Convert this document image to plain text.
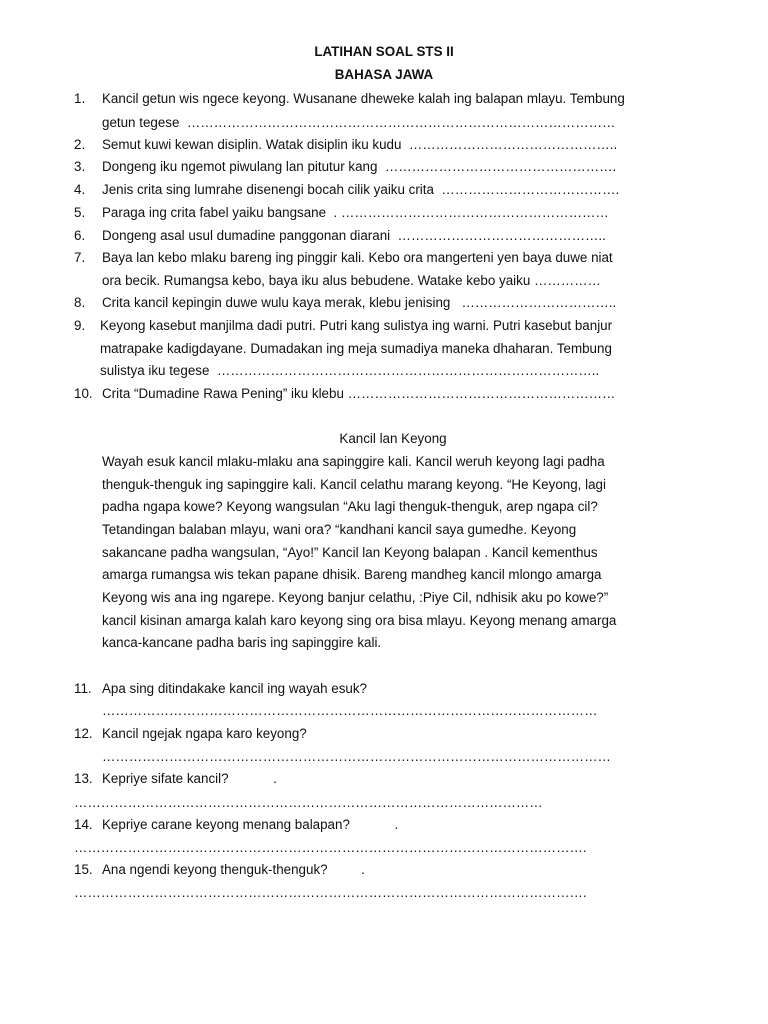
LATIHAN SOAL STS II
BAHASA JAWA
1. Kancil getun wis ngece keyong. Wusanane dheweke kalah ing balapan mlayu. Tembung
getun tegese  ……………………………………………………………………………………
2. Semut kuwi kewan disiplin. Watak disiplin iku kudu  ………………………………………..
3. Dongeng iku ngemot piwulang lan pitutur kang  …………………………………………….
4. Jenis crita sing lumrahe disenengi bocah cilik yaiku crita  ………………………………….
5. Paraga ing crita fabel yaiku bangsane  . ……………………………………………………
6. Dongeng asal usul dumadine panggonan diarani  ………………………………………..
7. Baya lan kebo mlaku bareng ing pinggir kali. Kebo ora mangerteni yen baya duwe niat
ora becik. Rumangsa kebo, baya iku alus bebudene. Watake kebo yaiku ……………
8. Crita kancil kepingin duwe wulu kaya merak, klebu jenising   ……………………………..
9. Keyong kasebut manjilma dadi putri. Putri kang sulistya ing warni. Putri kasebut banjur
matrapake kadigdayane. Dumadakan ing meja sumadiya maneka dhaharan. Tembung
sulistya iku tegese  …………………………………………………………………………..
10. Crita “Dumadine Rawa Pening” iku klebu ……………………………………………………
Kancil lan Keyong
Wayah esuk kancil mlaku-mlaku ana sapinggire kali. Kancil weruh keyong lagi padha
thenguk-thenguk ing sapinggire kali. Kancil celathu marang keyong. “He Keyong, lagi
padha ngapa kowe? Keyong wangsulan “Aku lagi thenguk-thenguk, arep ngapa cil?
Tetandingan balaban mlayu, wani ora? “kandhani kancil saya gumedhe. Keyong
sakancane padha wangsulan, “Ayo!” Kancil lan Keyong balapan . Kancil kementhus
amarga rumangsa wis tekan papane dhisik. Bareng mandheg kancil mlongo amarga
Keyong wis ana ing ngarepe. Keyong banjur celathu, :Piye Cil, ndhisik aku po kowe?”
kancil kisinan amarga kalah karo keyong sing ora bisa mlayu. Keyong menang amarga
kanca-kancane padha baris ing sapinggire kali.
11. Apa sing ditindakake kancil ing wayah esuk?
…………………………………………………………………………………………………
12. Kancil ngejak ngapa karo keyong?
……………………………………………………………………………………………………
13. Kepriye sifate kancil?            .
……………………………………………………………………………………………
14. Kepriye carane keyong menang balapan?            .
…………………………………………………………………………………………………….
15. Ana ngendi keyong thenguk-thenguk?         .
…………………………………………………………………………………………………….
